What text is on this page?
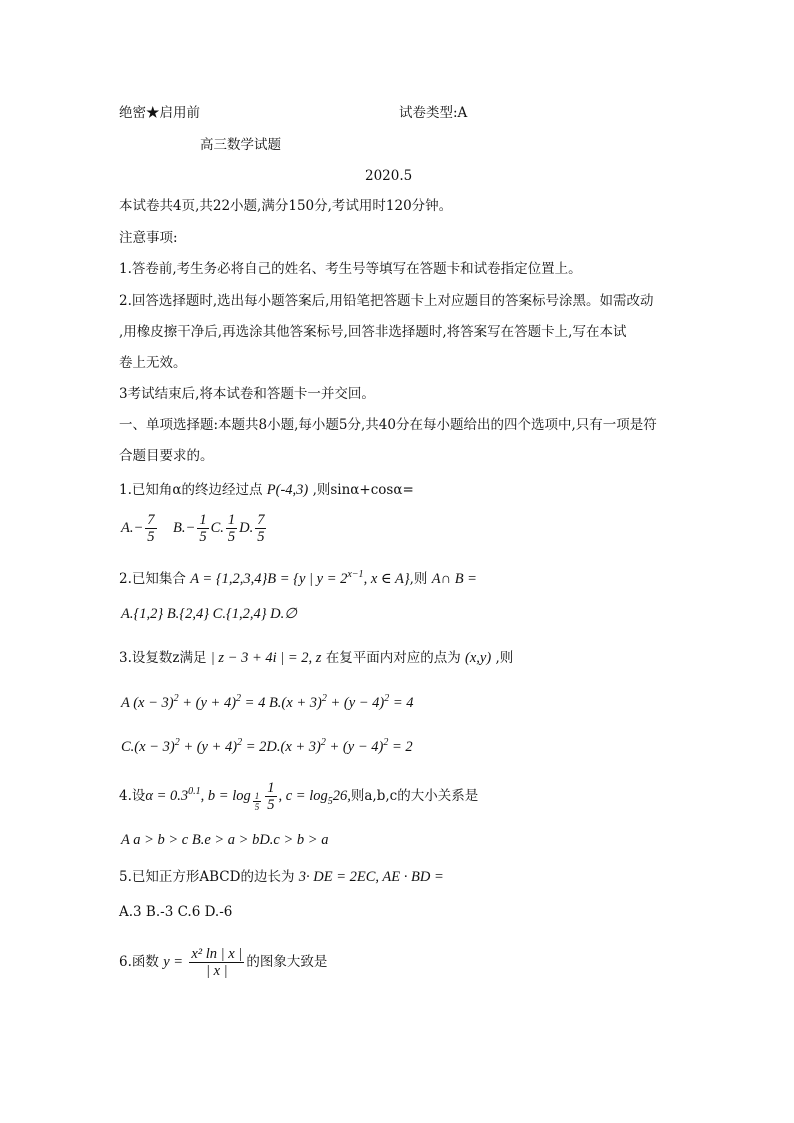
绝密★启用前	试卷类型:A
高三数学试题
2020.5
本试卷共4页,共22小题,满分150分,考试用时120分钟。
注意事项:
1.答卷前,考生务必将自己的姓名、考生号等填写在答题卡和试卷指定位置上。
2.回答选择题时,选出每小题答案后,用铅笔把答题卡上对应题目的答案标号涂黑。如需改动
,用橡皮擦干净后,再选涂其他答案标号,回答非选择题时,将答案写在答题卡上,写在本试
卷上无效。
3考试结束后,将本试卷和答题卡一并交回。
一、单项选择题:本题共8小题,每小题5分,共40分在每小题给出的四个选项中,只有一项是符
合题目要求的。
1.已知角α的终边经过点 P(-4,3) ,则sinα+cosα=
$A.- \frac{7}{5} B.- \frac{1}{5} C$. $\frac{1}{5} D$. $\frac{7}{5}$
2.已知集合 A = {1,2,3,4}B = {y | $y = 2^{x-1}$, x ∈ A},则 A∩ B =
A.{1,2} B.{2,4} C.{1,2,4} D.∅
3.设复数z满足 | z − 3 + 4i | = 2, z 在复平面内对应的点为 (x,y) ,则
A $(x - 3)^2 + (y + 4)^2 = 4$ $B.(x + 3)^2 + (y - 4)^2 = 4$
$C.(x - 3)^2 + (y + 4)^2 = 2D.(x + 3)^2 + (y - 4)^2 = 2$
4.设$\alpha = 0.3^{0.1}$, $b = \log _{\frac{1}{5}} \frac{1}{5}$ , $c = \log_526$,则a,b,c的大小关系是
A a > b > c B.e > a > bD.c > b > a
5.已知正方形ABCD的边长为 3· DE = 2EC, AE · BD =
A.3 B.-3 C.6 D.-6
6.函数 $y = \frac{\text{x² ln | x |}}{| x |}$ 的图象大致是
